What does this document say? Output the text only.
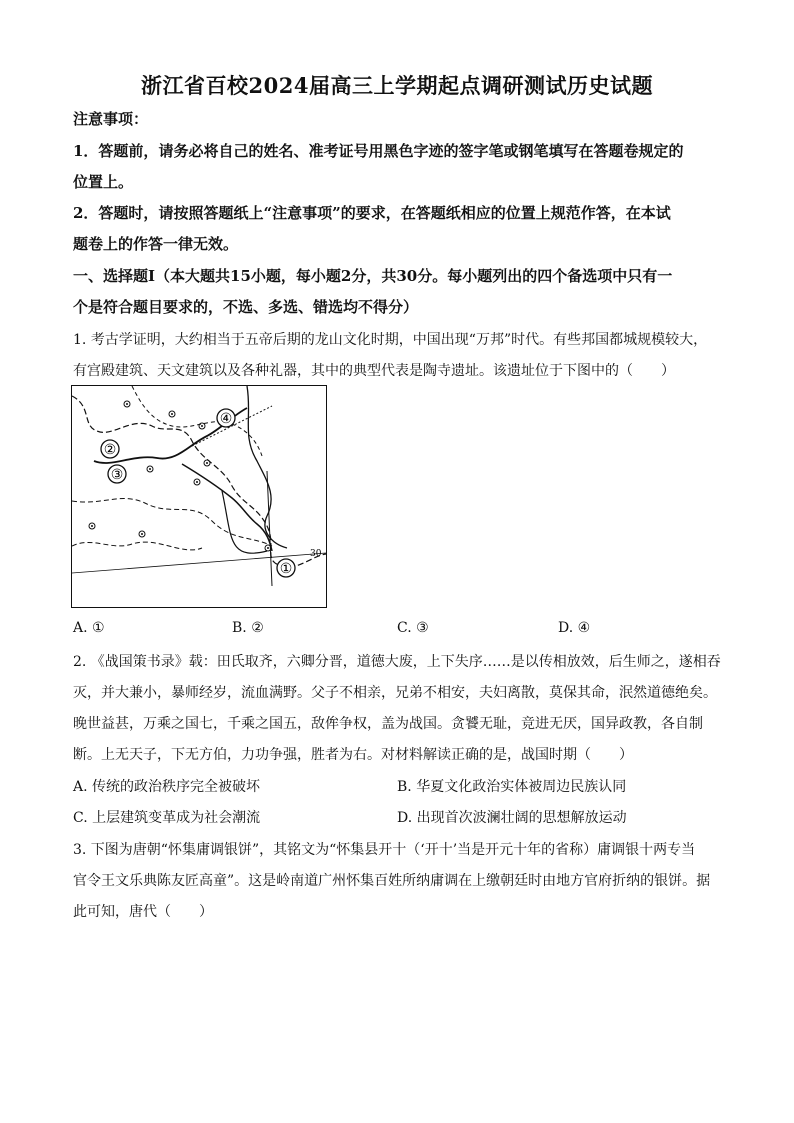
浙江省百校2024届高三上学期起点调研测试历史试题
注意事项：
1．答题前，请务必将自己的姓名、准考证号用黑色字迹的签字笔或钢笔填写在答题卷规定的
位置上。
2．答题时，请按照答题纸上“注意事项”的要求，在答题纸相应的位置上规范作答，在本试
题卷上的作答一律无效。
一、选择题Ⅰ（本大题共15小题，每小题2分，共30分。每小题列出的四个备选项中只有一
个是符合题目要求的，不选、多选、错选均不得分）
1. 考古学证明，大约相当于五帝后期的龙山文化时期，中国出现“万邦”时代。有些邦国都城规模较大，
有宫殿建筑、天文建筑以及各种礼器，其中的典型代表是陶寺遗址。该遗址位于下图中的（　　）
①
②
③
④
30
A. ①	B. ②	C. ③	D. ④
2. 《战国策书录》载：田氏取齐，六卿分晋，道德大废，上下失序……是以传相放效，后生师之，遂相吞
灭，并大兼小，暴师经岁，流血满野。父子不相亲，兄弟不相安，夫妇离散，莫保其命，泯然道德绝矣。
晚世益甚，万乘之国七，千乘之国五，敌侔争权，盖为战国。贪饕无耻，竞进无厌，国异政教，各自制
断。上无天子，下无方伯，力功争强，胜者为右。对材料解读正确的是，战国时期（　　）
A. 传统的政治秩序完全被破坏	B. 华夏文化政治实体被周边民族认同
C. 上层建筑变革成为社会潮流	D. 出现首次波澜壮阔的思想解放运动
3. 下图为唐朝“怀集庸调银饼”，其铭文为“怀集县开十（‘开十’当是开元十年的省称）庸调银十两专当
官令王文乐典陈友匠高童”。这是岭南道广州怀集百姓所纳庸调在上缴朝廷时由地方官府折纳的银饼。据
此可知，唐代（　　）
